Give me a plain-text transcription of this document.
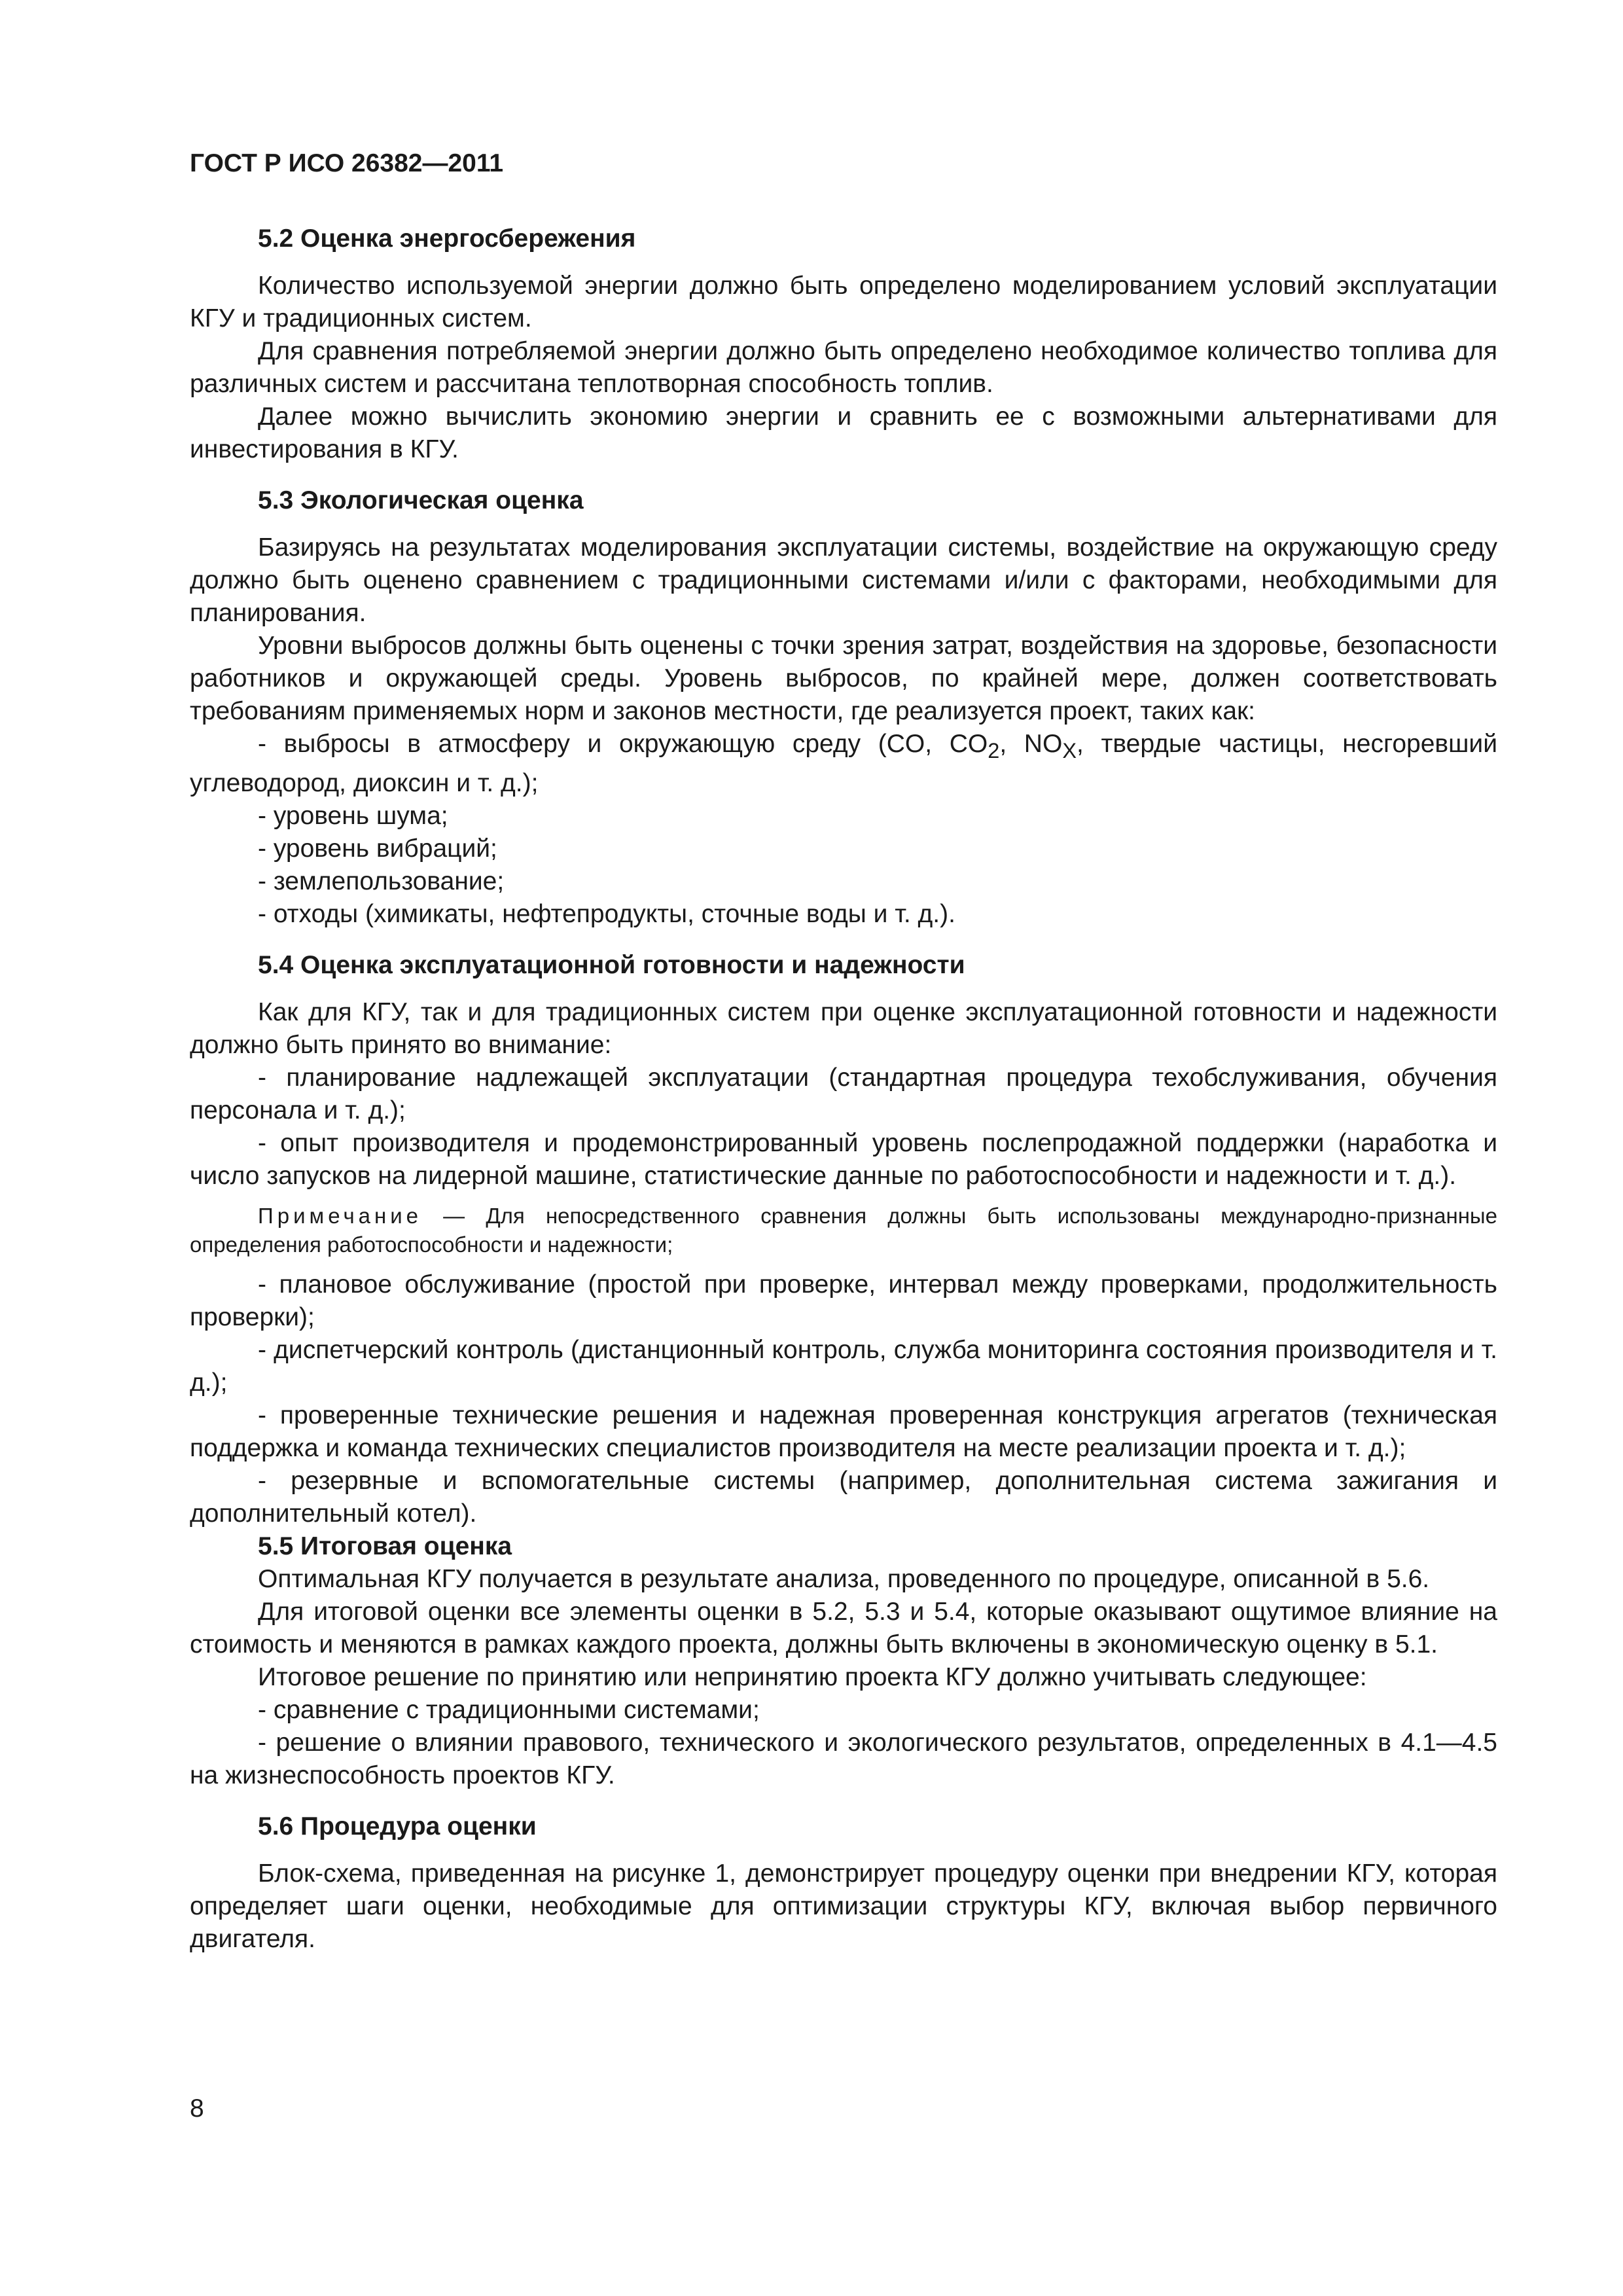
ГОСТ Р ИСО 26382—2011

5.2 Оценка энергосбережения

Количество используемой энергии должно быть определено моделированием условий эксплуатации КГУ и традиционных систем.

Для сравнения потребляемой энергии должно быть определено необходимое количество топлива для различных систем и рассчитана теплотворная способность топлив.

Далее можно вычислить экономию энергии и сравнить ее с возможными альтернативами для инвестирования в КГУ.

5.3 Экологическая оценка

Базируясь на результатах моделирования эксплуатации системы, воздействие на окружающую среду должно быть оценено сравнением с традиционными системами и/или с факторами, необходимыми для планирования.

Уровни выбросов должны быть оценены с точки зрения затрат, воздействия на здоровье, безопасности работников и окружающей среды. Уровень выбросов, по крайней мере, должен соответствовать требованиям применяемых норм и законов местности, где реализуется проект, таких как:

- выбросы в атмосферу и окружающую среду (CO, $CO_2$, $NO_X$, твердые частицы, несгоревший углеводород, диоксин и т. д.);

- уровень шума;

- уровень вибраций;

- землепользование;

- отходы (химикаты, нефтепродукты, сточные воды и т. д.).

5.4 Оценка эксплуатационной готовности и надежности

Как для КГУ, так и для традиционных систем при оценке эксплуатационной готовности и надежности должно быть принято во внимание:

- планирование надлежащей эксплуатации (стандартная процедура техобслуживания, обучения персонала и т. д.);

- опыт производителя и продемонстрированный уровень послепродажной поддержки (наработка и число запусков на лидерной машине, статистические данные по работоспособности и надежности и т. д.).

Примечание — Для непосредственного сравнения должны быть использованы международно-признанные определения работоспособности и надежности;

- плановое обслуживание (простой при проверке, интервал между проверками, продолжительность проверки);

- диспетчерский контроль (дистанционный контроль, служба мониторинга состояния производителя и т. д.);

- проверенные технические решения и надежная проверенная конструкция агрегатов (техническая поддержка и команда технических специалистов производителя на месте реализации проекта и т. д.);

- резервные и вспомогательные системы (например, дополнительная система зажигания и дополнительный котел).

5.5 Итоговая оценка

Оптимальная КГУ получается в результате анализа, проведенного по процедуре, описанной в 5.6.

Для итоговой оценки все элементы оценки в 5.2, 5.3 и 5.4, которые оказывают ощутимое влияние на стоимость и меняются в рамках каждого проекта, должны быть включены в экономическую оценку в 5.1.

Итоговое решение по принятию или непринятию проекта КГУ должно учитывать следующее:

- сравнение с традиционными системами;

- решение о влиянии правового, технического и экологического результатов, определенных в 4.1—4.5 на жизнеспособность проектов КГУ.

5.6 Процедура оценки

Блок-схема, приведенная на рисунке 1, демонстрирует процедуру оценки при внедрении КГУ, которая определяет шаги оценки, необходимые для оптимизации структуры КГУ, включая выбор первичного двигателя.

8
